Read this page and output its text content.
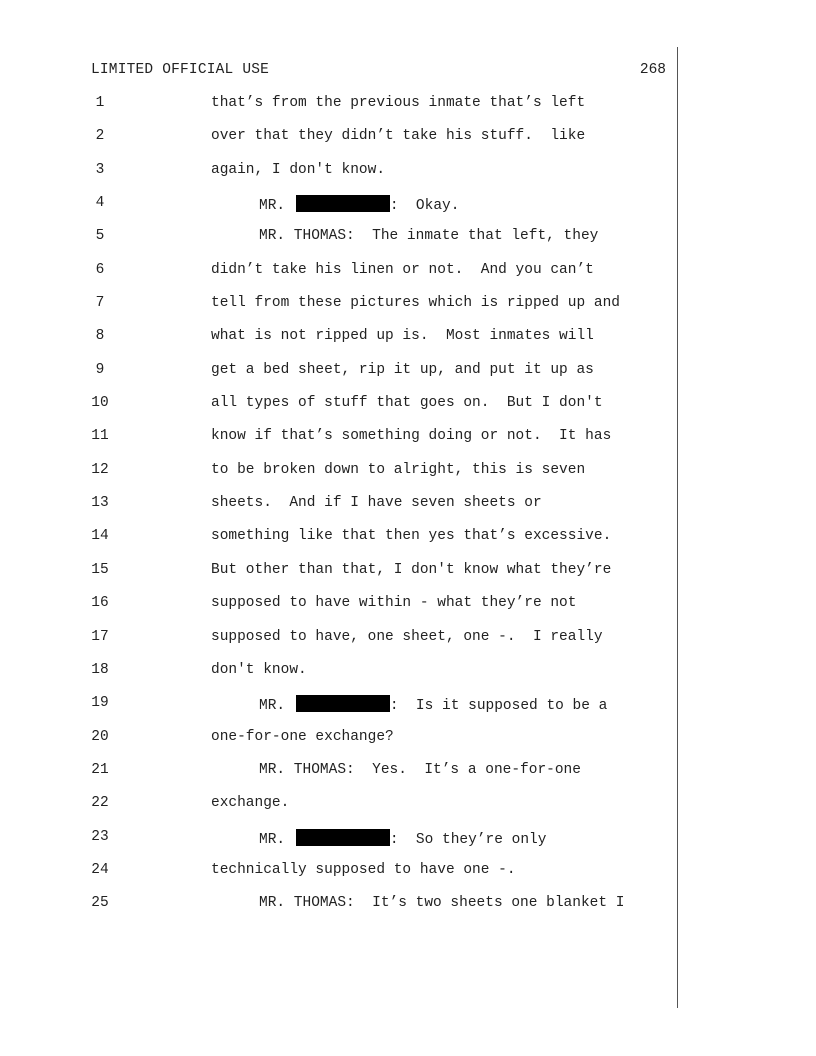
LIMITED OFFICIAL USE	268
1	that’s from the previous inmate that’s left
2	over that they didn’t take his stuff.  like
3	again, I don't know.
4	MR.	:  Okay.
5	MR. THOMAS:  The inmate that left, they
6	didn’t take his linen or not.  And you can’t
7	tell from these pictures which is ripped up and
8	what is not ripped up is.  Most inmates will
9	get a bed sheet, rip it up, and put it up as
10	all types of stuff that goes on.  But I don't
11	know if that’s something doing or not.  It has
12	to be broken down to alright, this is seven
13	sheets.  And if I have seven sheets or
14	something like that then yes that’s excessive.
15	But other than that, I don't know what they’re
16	supposed to have within - what they’re not
17	supposed to have, one sheet, one -.  I really
18	don't know.
19	MR.	:  Is it supposed to be a
20	one-for-one exchange?
21	MR. THOMAS:  Yes.  It’s a one-for-one
22	exchange.
23	MR.	:  So they’re only
24	technically supposed to have one -.
25	MR. THOMAS:  It’s two sheets one blanket I
